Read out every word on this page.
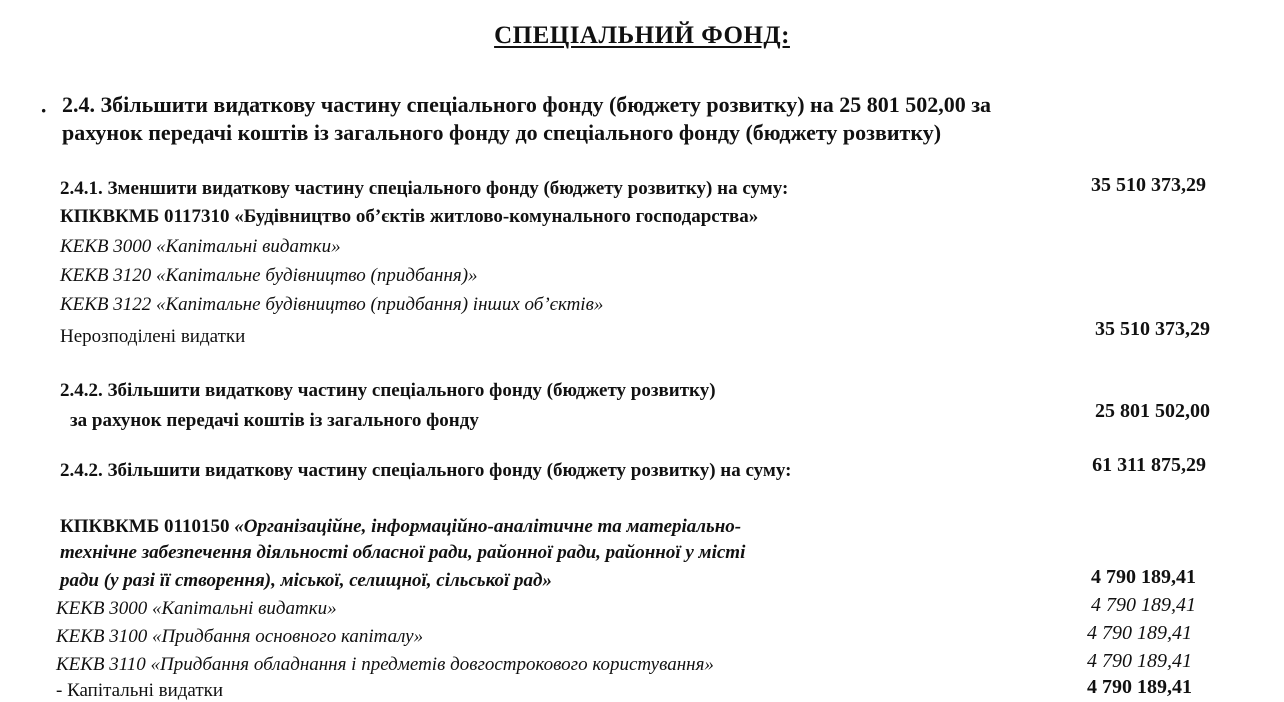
СПЕЦІАЛЬНИЙ ФОНД:
· 2.4. Збільшити видаткову частину спеціального фонду (бюджету розвитку) на 25 801 502,00 за
рахунок передачі коштів із загального фонду до спеціального фонду (бюджету розвитку)
2.4.1. Зменшити видаткову частину спеціального фонду (бюджету розвитку) на суму:	35 510 373,29
КПКВКМБ 0117310 «Будівництво об’єктів житлово-комунального господарства»
КЕКВ 3000 «Капітальні видатки»
КЕКВ 3120 «Капітальне будівництво (придбання)»
КЕКВ 3122 «Капітальне будівництво (придбання) інших об’єктів»
Нерозподілені видатки	35 510 373,29
2.4.2. Збільшити видаткову частину спеціального фонду (бюджету розвитку)
за рахунок передачі коштів із загального фонду	25 801 502,00
2.4.2. Збільшити видаткову частину спеціального фонду (бюджету розвитку) на суму:	61 311 875,29
КПКВКМБ 0110150 «Організаційне, інформаційно-аналітичне та матеріально-
технічне забезпечення діяльності обласної ради, районної ради, районної у місті
ради (у разі її створення), міської, селищної, сільської рад»	4 790 189,41
КЕКВ 3000 «Капітальні видатки»	4 790 189,41
КЕКВ 3100 «Придбання основного капіталу»	4 790 189,41
КЕКВ 3110 «Придбання обладнання і предметів довгострокового користування»	4 790 189,41
- Капітальні видатки	4 790 189,41
